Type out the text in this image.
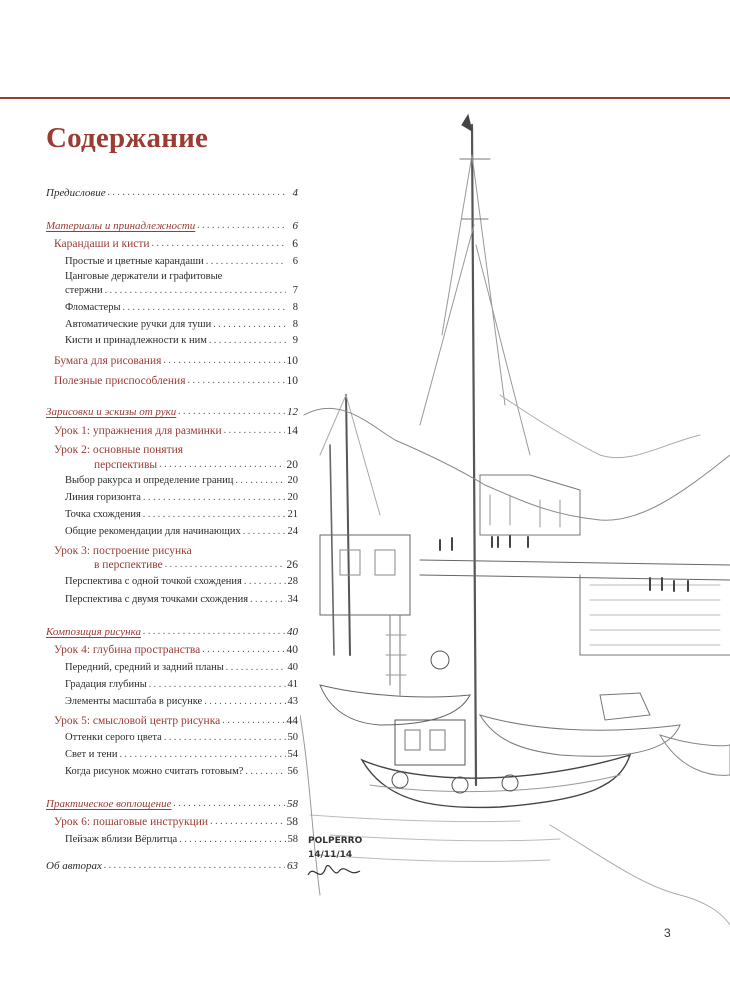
Содержание
Предисловие . . .	4
Материалы и принадлежности . . .	6
Карандаши и кисти . . .	6
Простые и цветные карандаши . . .	6
Цанговые держатели и графитовые
стержни . . .	7
Фломастеры . . .	8
Автоматические ручки для туши . . .	8
Кисти и принадлежности к ним . . .	9
Бумага для рисования . . .	10
Полезные приспособления . . .	10
Зарисовки и эскизы от руки . . .	12
Урок 1: упражнения для разминки . . .	14
Урок 2: основные понятия
перспективы . . .	20
Выбор ракурса и определение границ . . .	20
Линия горизонта . . .	20
Точка схождения . . .	21
Общие рекомендации для начинающих . . .	24
Урок 3: построение рисунка
в перспективе . . .	26
Перспектива с одной точкой схождения . . .	28
Перспектива с двумя точками схождения . . .	34
Композиция рисунка . . .	40
Урок 4: глубина пространства . . .	40
Передний, средний и задний планы . . .	40
Градация глубины . . .	41
Элементы масштаба в рисунке . . .	43
Урок 5: смысловой центр рисунка . . .	44
Оттенки серого цвета . . .	50
Свет и тени . . .	54
Когда рисунок можно считать готовым? . . .	56
Практическое воплощение . . .	58
Урок 6: пошаговые инструкции . . .	58
Пейзаж вблизи Вёрлитца . . .	58
Об авторах . . .	63
POLPERRO
14/11/14
3
